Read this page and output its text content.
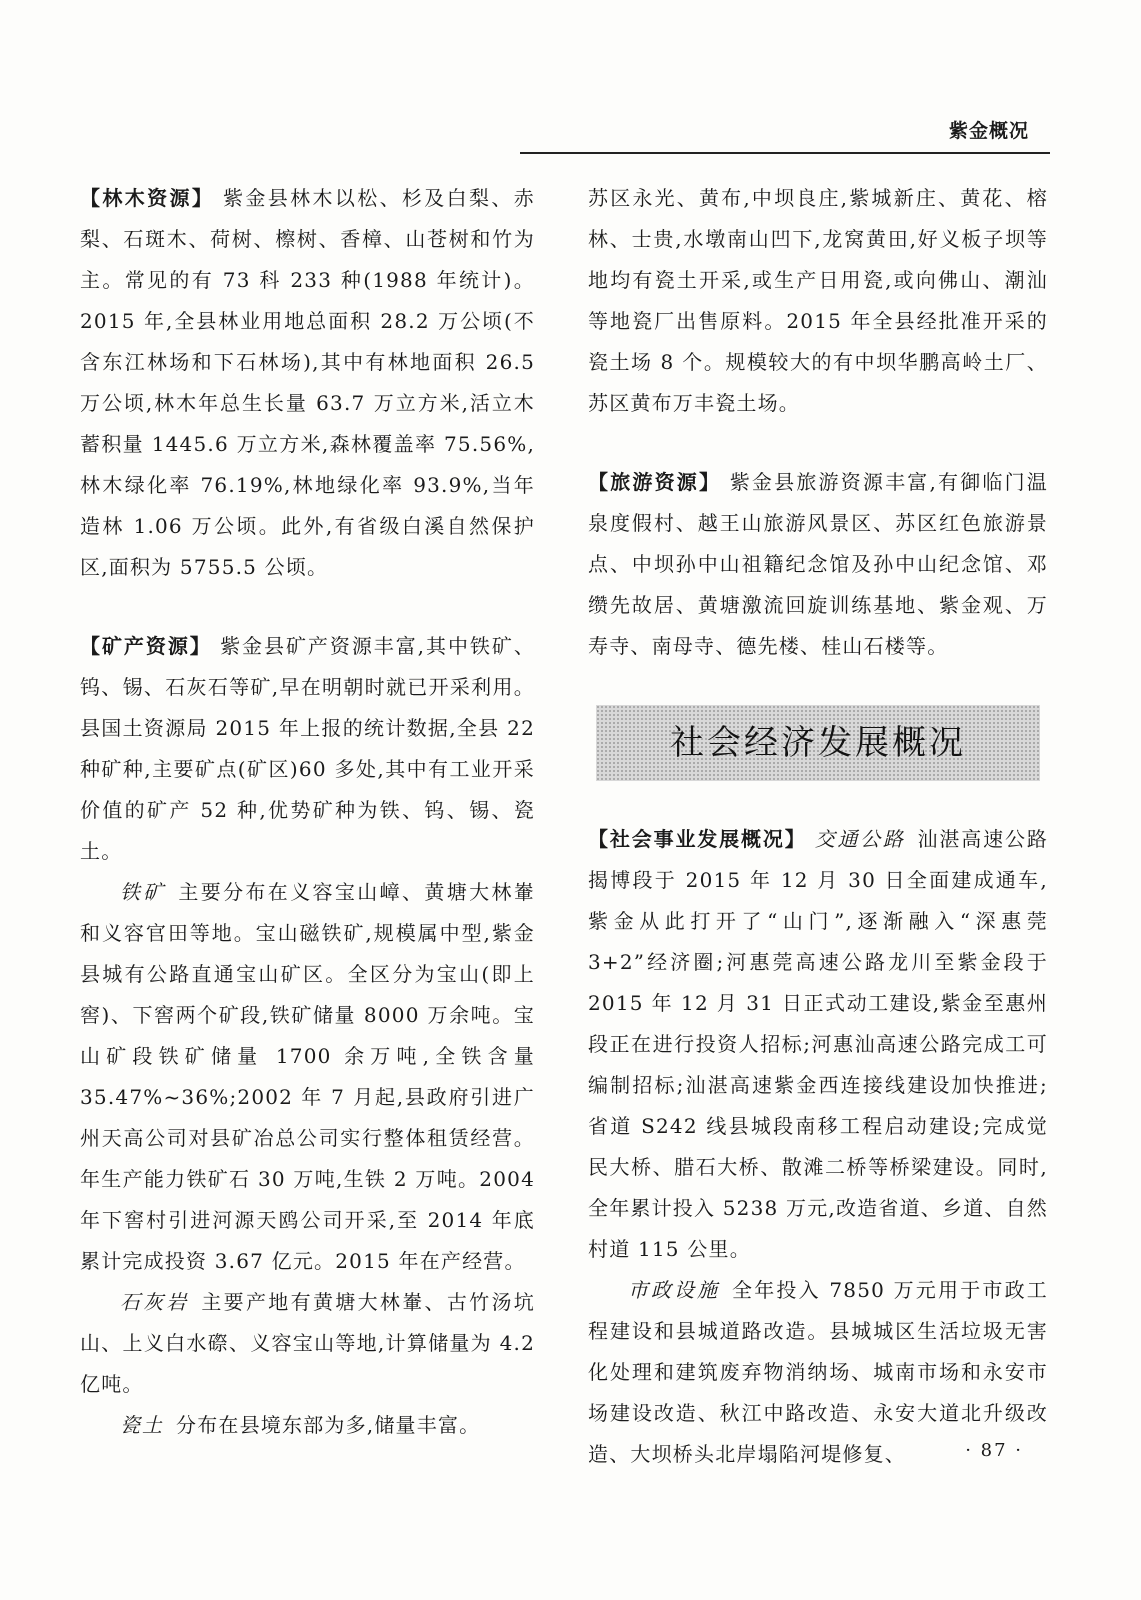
紫金概况

【林木资源】 紫金县林木以松、杉及白梨、赤梨、石斑木、荷树、檫树、香樟、山苍树和竹为主。常见的有 73 科 233 种(1988 年统计)。2015 年,全县林业用地总面积 28.2 万公顷(不含东江林场和下石林场),其中有林地面积 26.5万公顷,林木年总生长量 63.7 万立方米,活立木蓄积量 1445.6 万立方米,森林覆盖率 75.56%,林木绿化率 76.19%,林地绿化率 93.9%,当年造林 1.06 万公顷。此外,有省级白溪自然保护区,面积为 5755.5 公顷。

【矿产资源】 紫金县矿产资源丰富,其中铁矿、钨、锡、石灰石等矿,早在明朝时就已开采利用。县国土资源局 2015 年上报的统计数据,全县 22 种矿种,主要矿点(矿区)60 多处,其中有工业开采价值的矿产 52 种,优势矿种为铁、钨、锡、瓷土。

铁矿 主要分布在义容宝山嶂、黄塘大林輋和义容官田等地。宝山磁铁矿,规模属中型,紫金县城有公路直通宝山矿区。全区分为宝山(即上窖)、下窖两个矿段,铁矿储量 8000 万余吨。宝山矿段铁矿储量 1700 余万吨,全铁含量 35.47%~36%;2002 年 7 月起,县政府引进广州天高公司对县矿冶总公司实行整体租赁经营。年生产能力铁矿石 30 万吨,生铁 2 万吨。2004 年下窖村引进河源天鸥公司开采,至 2014 年底累计完成投资 3.67 亿元。2015 年在产经营。

石灰岩 主要产地有黄塘大林輋、古竹汤坑山、上义白水磜、义容宝山等地,计算储量为 4.2 亿吨。

瓷土 分布在县境东部为多,储量丰富。

苏区永光、黄布,中坝良庄,紫城新庄、黄花、榕林、士贵,水墩南山凹下,龙窝黄田,好义板子坝等地均有瓷土开采,或生产日用瓷,或向佛山、潮汕等地瓷厂出售原料。2015 年全县经批准开采的瓷土场 8 个。规模较大的有中坝华鹏高岭土厂、苏区黄布万丰瓷土场。

【旅游资源】 紫金县旅游资源丰富,有御临门温泉度假村、越王山旅游风景区、苏区红色旅游景点、中坝孙中山祖籍纪念馆及孙中山纪念馆、邓缵先故居、黄塘激流回旋训练基地、紫金观、万寿寺、南母寺、德先楼、桂山石楼等。

社会经济发展概况

【社会事业发展概况】 交通公路 汕湛高速公路揭博段于 2015 年 12 月 30 日全面建成通车,紫金从此打开了“山门”,逐渐融入“深惠莞 3+2”经济圈;河惠莞高速公路龙川至紫金段于 2015 年 12 月 31 日正式动工建设,紫金至惠州段正在进行投资人招标;河惠汕高速公路完成工可编制招标;汕湛高速紫金西连接线建设加快推进;省道 S242 线县城段南移工程启动建设;完成觉民大桥、腊石大桥、散滩二桥等桥梁建设。同时,全年累计投入 5238 万元,改造省道、乡道、自然村道 115 公里。

市政设施 全年投入 7850 万元用于市政工程建设和县城道路改造。县城城区生活垃圾无害化处理和建筑废弃物消纳场、城南市场和永安市场建设改造、秋江中路改造、永安大道北升级改造、大坝桥头北岸塌陷河堤修复、	· 87 ·
